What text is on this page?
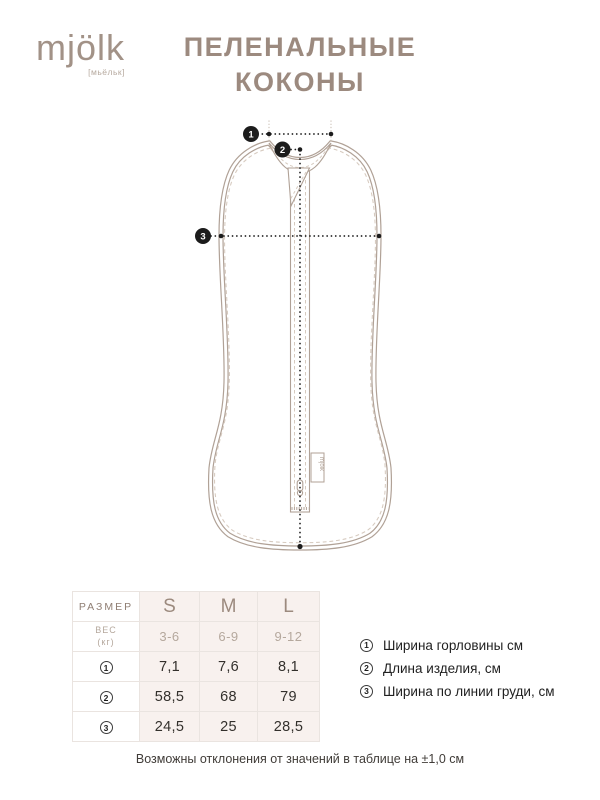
mjölk
[мьёльк]
ПЕЛЕНАЛЬНЫЕ
КОКОНЫ
mjölk
1
2
3
РАЗМЕР	S	M	L

ВЕС
(кг)	3-6	6-9	9-12
1	7,1	7,6	8,1
2	58,5	68	79
3	24,5	25	28,5
1	Ширина горловины см
2	Длина изделия, см
3	Ширина по линии груди, см
Возможны отклонения от значений в таблице на ±1,0 см
